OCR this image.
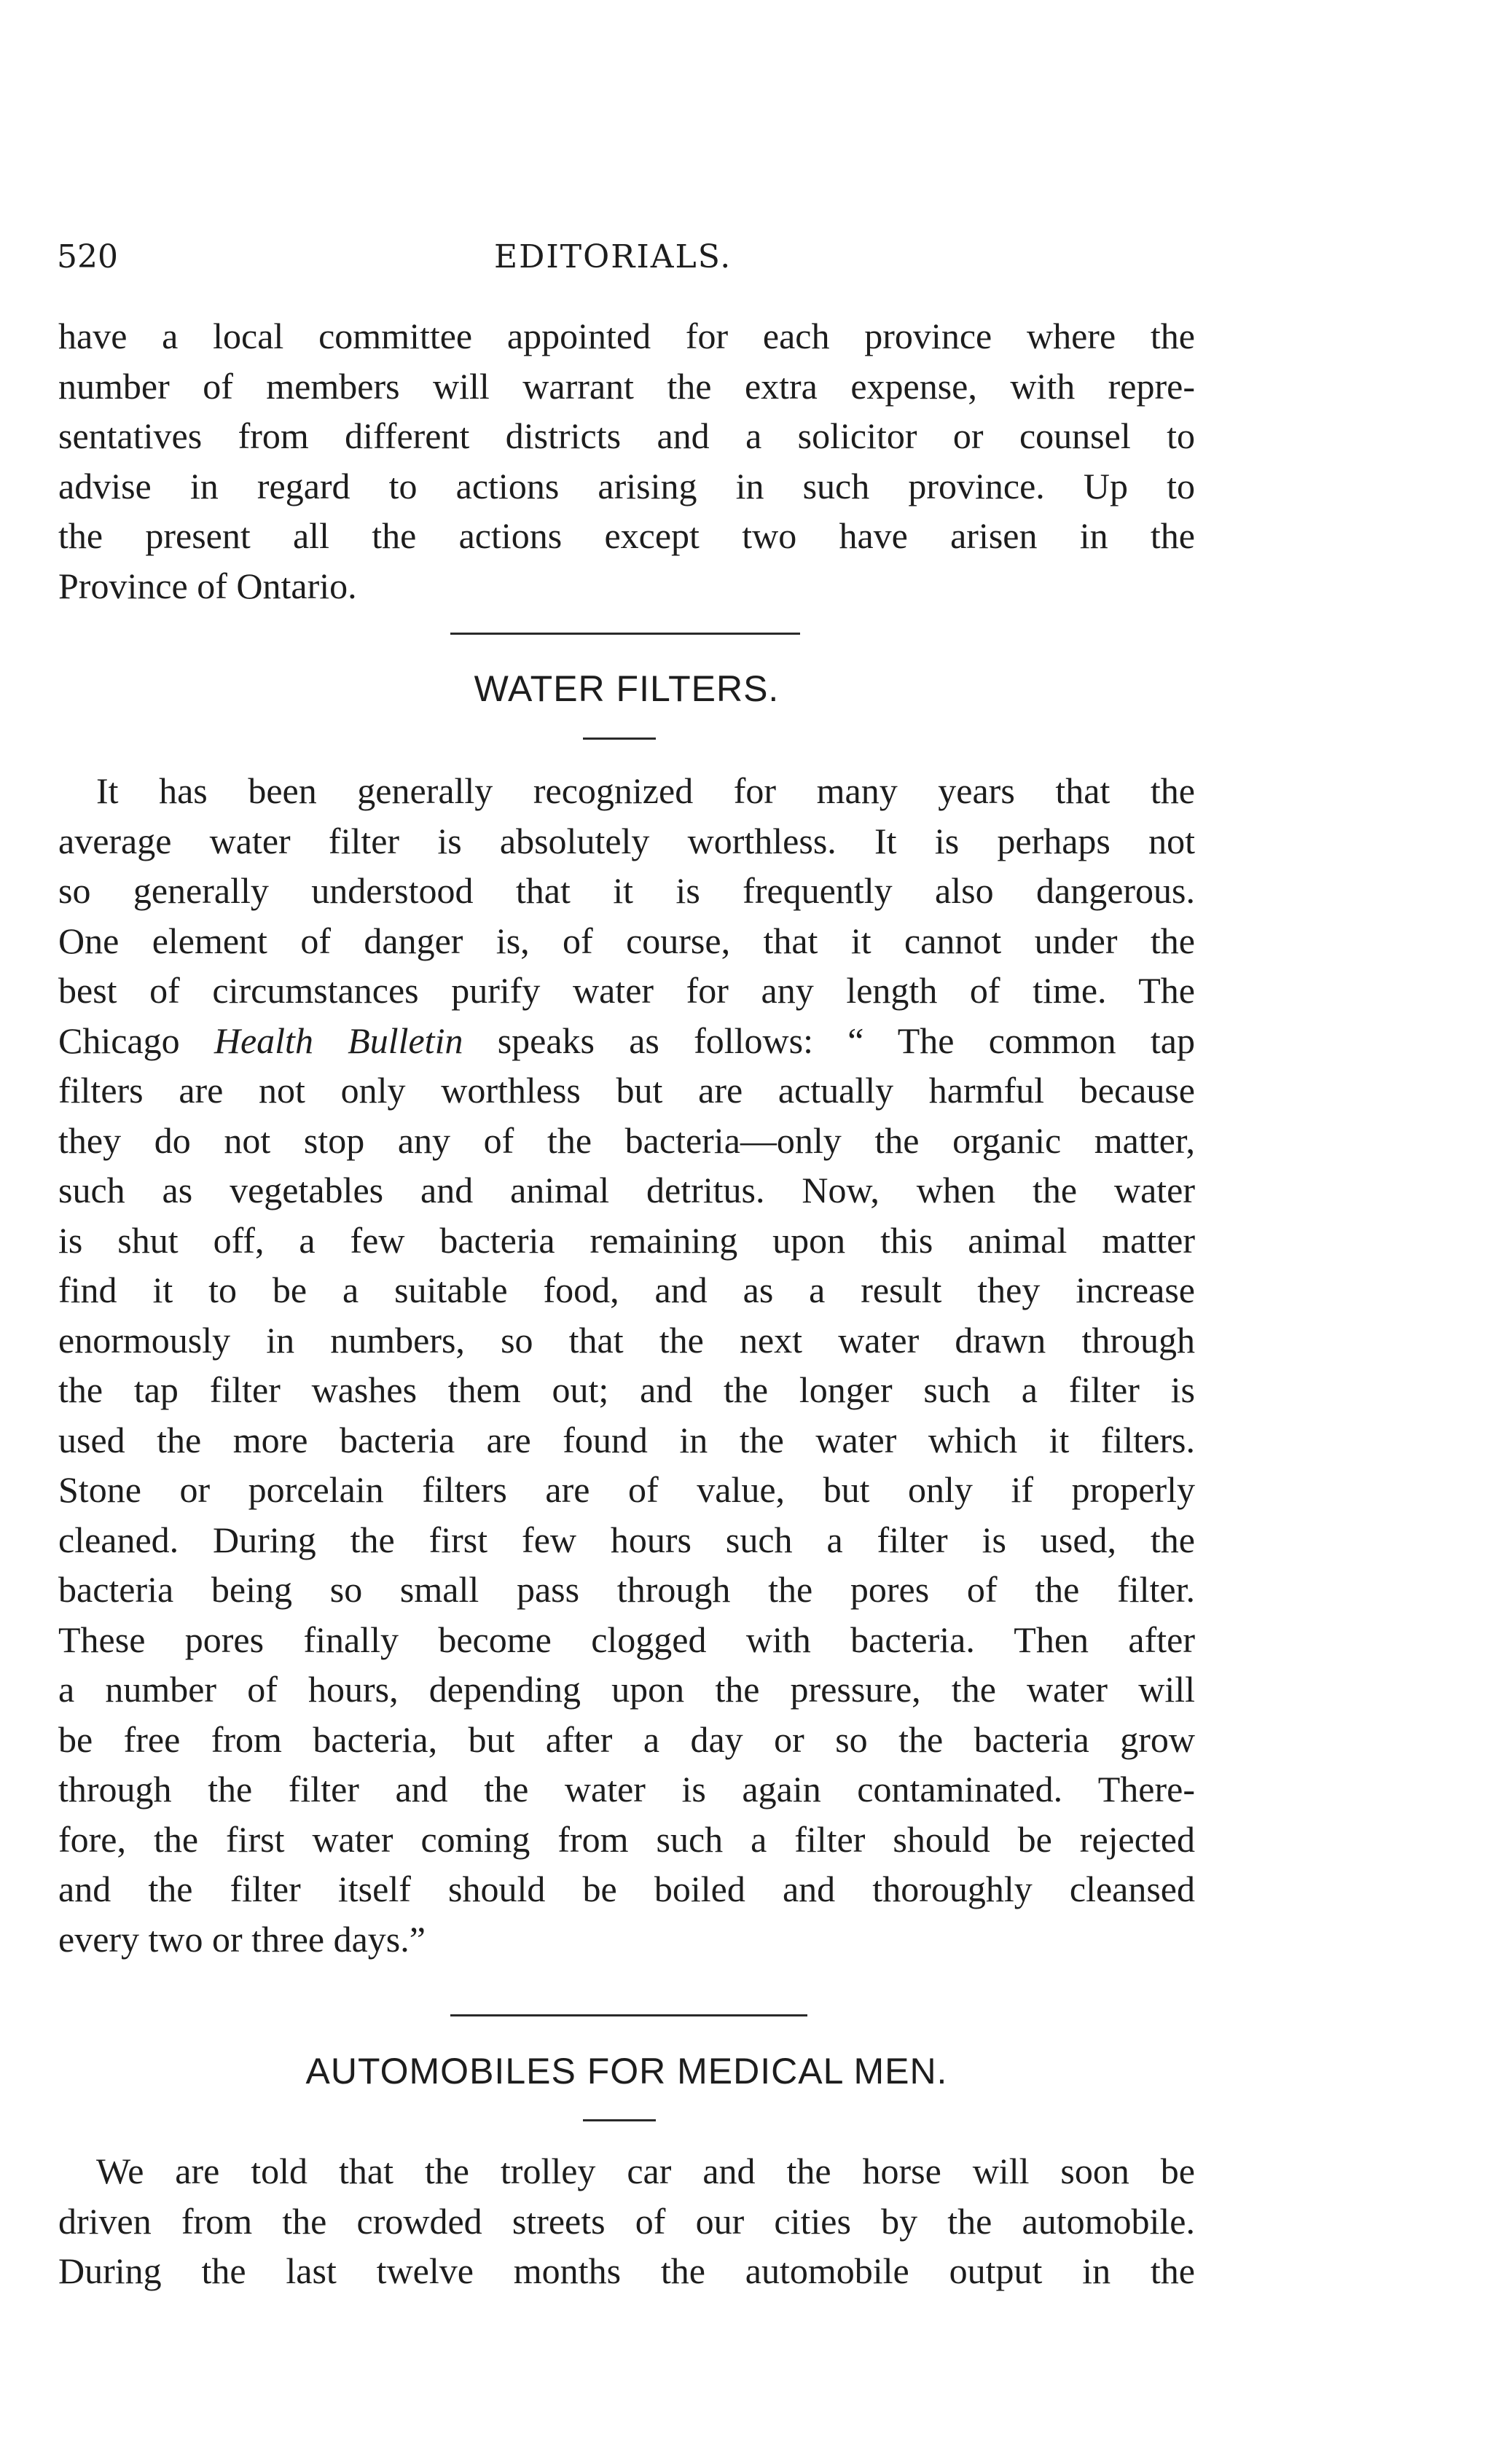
520	EDITORIALS.
have a local committee appointed for each province where the
number of members will warrant the extra expense, with repre-
sentatives from different districts and a solicitor or counsel to
advise in regard to actions arising in such province. Up to
the present all the actions except two have arisen in the
Province of Ontario.
WATER FILTERS.
It has been generally recognized for many years that the
average water filter is absolutely worthless. It is perhaps not
so generally understood that it is frequently also dangerous.
One element of danger is, of course, that it cannot under the
best of circumstances purify water for any length of time. The
Chicago Health Bulletin speaks as follows: “ The common tap
filters are not only worthless but are actually harmful because
they do not stop any of the bacteria—only the organic matter,
such as vegetables and animal detritus. Now, when the water
is shut off, a few bacteria remaining upon this animal matter
find it to be a suitable food, and as a result they increase
enormously in numbers, so that the next water drawn through
the tap filter washes them out; and the longer such a filter is
used the more bacteria are found in the water which it filters.
Stone or porcelain filters are of value, but only if properly
cleaned. During the first few hours such a filter is used, the
bacteria being so small pass through the pores of the filter.
These pores finally become clogged with bacteria. Then after
a number of hours, depending upon the pressure, the water will
be free from bacteria, but after a day or so the bacteria grow
through the filter and the water is again contaminated. There-
fore, the first water coming from such a filter should be rejected
and the filter itself should be boiled and thoroughly cleansed
every two or three days.”
AUTOMOBILES FOR MEDICAL MEN.
We are told that the trolley car and the horse will soon be
driven from the crowded streets of our cities by the automobile.
During the last twelve months the automobile output in the
